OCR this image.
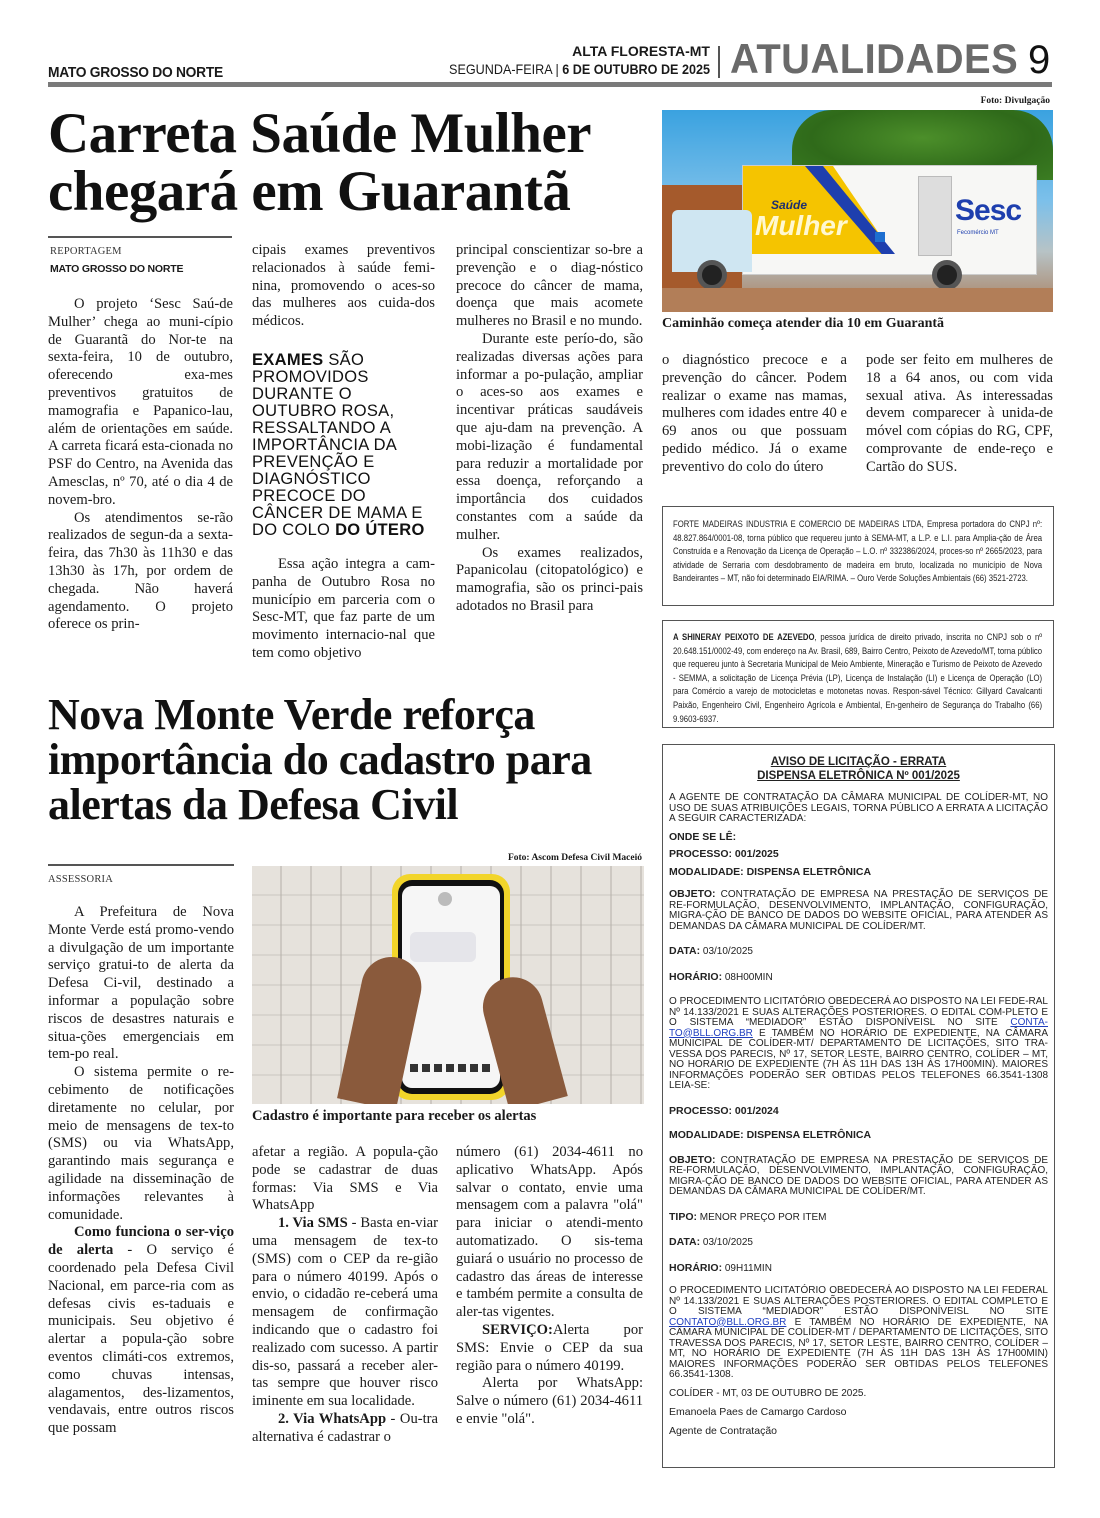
MATO GROSSO DO NORTE
ALTA FLORESTA-MT
SEGUNDA-FEIRA | 6 DE OUTUBRO DE 2025 ATUALIDADES 9
Carreta Saúde Mulher chegará em Guarantã
REPORTAGEM
MATO GROSSO DO NORTE

O projeto ‘Sesc Saú-de Mulher’ chega ao muni-cípio de Guarantã do Nor-te na sexta-feira, 10 de outubro, oferecendo exa-mes preventivos gratuitos de mamografia e Papanico-lau, além de orientações em saúde. A carreta ficará esta-cionada no PSF do Centro, na Avenida das Amesclas, nº 70, até o dia 4 de novem-bro.

Os atendimentos se-rão realizados de segun-da a sexta-feira, das 7h30 às 11h30 e das 13h30 às 17h, por ordem de chegada. Não haverá agendamento. O projeto oferece os prin-

cipais exames preventivos relacionados à saúde femi-nina, promovendo o aces-so das mulheres aos cuida-dos médicos.

EXAMES SÃO PROMOVIDOS DURANTE O OUTUBRO ROSA, RESSALTANDO A IMPORTÂNCIA DA PREVENÇÃO E DIAGNÓSTICO PRECOCE DO CÂNCER DE MAMA E DO COLO DO ÚTERO

Essa ação integra a cam-panha de Outubro Rosa no município em parceria com o Sesc-MT, que faz parte de um movimento internacio-nal que tem como objetivo

principal conscientizar so-bre a prevenção e o diag-nóstico precoce do câncer de mama, doença que mais acomete mulheres no Brasil e no mundo.

Durante este perío-do, são realizadas diversas ações para informar a po-pulação, ampliar o aces-so aos exames e incentivar práticas saudáveis que aju-dam na prevenção. A mobi-lização é fundamental para reduzir a mortalidade por essa doença, reforçando a importância dos cuidados constantes com a saúde da mulher.

Os exames realizados, Papanicolau (citopatológico) e mamografia, são os princi-pais adotados no Brasil para

Foto: Divulgação
Saúde
Mulher	Sesc
Fecomércio MT
Caminhão começa atender dia 10 em Guarantã

o diagnóstico precoce e a prevenção do câncer. Podem realizar o exame nas mamas, mulheres com idades entre 40 e 69 anos ou que possuam pedido médico. Já o exame preventivo do colo do útero

pode ser feito em mulheres de 18 a 64 anos, ou com vida sexual ativa. As interessadas devem comparecer à unida-de móvel com cópias do RG, CPF, comprovante de ende-reço e Cartão do SUS.

FORTE MADEIRAS INDUSTRIA E COMERCIO DE MADEIRAS LTDA, Empresa portadora do CNPJ nº: 48.827.864/0001-08, torna público que requereu junto à SEMA-MT, a L.P. e L.I. para Amplia-ção de Área Construída e a Renovação da Licença de Operação – L.O. nº 332386/2024, proces-so nº 2665/2023, para atividade de Serraria com desdobramento de madeira em bruto, localizada no município de Nova Bandeirantes – MT, não foi determinado EIA/RIMA. – Ouro Verde Soluções Ambientais (66) 3521-2723.
A SHINERAY PEIXOTO DE AZEVEDO, pessoa jurídica de direito privado, inscrita no CNPJ sob o nº 20.648.151/0002-49, com endereço na Av. Brasil, 689, Bairro Centro, Peixoto de Azevedo/MT, torna público que requereu junto à Secretaria Municipal de Meio Ambiente, Mineração e Turismo de Peixoto de Azevedo - SEMMA, a solicitação de Licença Prévia (LP), Licença de Instalação (LI) e Licença de Operação (LO) para Comércio a varejo de motocicletas e motonetas novas. Respon-sável Técnico: Gillyard Cavalcanti Paixão, Engenheiro Civil, Engenheiro Agrícola e Ambiental, En-genheiro de Segurança do Trabalho (66) 9.9603-6937.
AVISO DE LICITAÇÃO - ERRATA
DISPENSA ELETRÔNICA Nº 001/2025
A AGENTE DE CONTRATAÇÃO DA CÂMARA MUNICIPAL DE COLÍDER-MT, NO USO DE SUAS ATRIBUIÇÕES LEGAIS, TORNA PÚBLICO A ERRATA A LICITAÇÃO A SEGUIR CARACTERIZADA:
ONDE SE LÊ:
PROCESSO: 001/2025
MODALIDADE: DISPENSA ELETRÔNICA
OBJETO: CONTRATAÇÃO DE EMPRESA NA PRESTAÇÃO DE SERVIÇOS DE RE-FORMULAÇÃO, DESENVOLVIMENTO, IMPLANTAÇÃO, CONFIGURAÇÃO, MIGRA-ÇÃO DE BANCO DE DADOS DO WEBSITE OFICIAL, PARA ATENDER AS DEMANDAS DA CÂMARA MUNICIPAL DE COLÍDER/MT.
DATA: 03/10/2025
HORÁRIO: 08H00MIN
O PROCEDIMENTO LICITATÓRIO OBEDECERÁ AO DISPOSTO NA LEI FEDE-RAL Nº 14.133/2021 E SUAS ALTERAÇÕES POSTERIORES. O EDITAL COM-PLETO E O SISTEMA “MEDIADOR” ESTÃO DISPONÍVEISL NO SITE CONTA-TO@BLL.ORG.BR E TAMBÉM NO HORÁRIO DE EXPEDIENTE, NA CÂMARA MUNICIPAL DE COLÍDER-MT/ DEPARTAMENTO DE LICITAÇÕES, SITO TRA-VESSA DOS PARECIS, Nº 17, SETOR LESTE, BAIRRO CENTRO, COLÍDER – MT, NO HORÁRIO DE EXPEDIENTE (7H ÀS 11H DAS 13H ÀS 17H00MIN). MAIORES INFORMAÇÕES PODERÃO SER OBTIDAS PELOS TELEFONES 66.3541-1308 LEIA-SE:
PROCESSO: 001/2024
MODALIDADE: DISPENSA ELETRÔNICA
OBJETO: CONTRATAÇÃO DE EMPRESA NA PRESTAÇÃO DE SERVIÇOS DE RE-FORMULAÇÃO, DESENVOLVIMENTO, IMPLANTAÇÃO, CONFIGURAÇÃO, MIGRA-ÇÃO DE BANCO DE DADOS DO WEBSITE OFICIAL, PARA ATENDER AS DEMANDAS DA CÂMARA MUNICIPAL DE COLÍDER/MT.
TIPO: MENOR PREÇO POR ITEM
DATA: 03/10/2025
HORÁRIO: 09H11MIN
O PROCEDIMENTO LICITATÓRIO OBEDECERÁ AO DISPOSTO NA LEI FEDERAL Nº 14.133/2021 E SUAS ALTERAÇÕES POSTERIORES. O EDITAL COMPLETO E O SISTEMA “MEDIADOR” ESTÃO DISPONÍVEISL NO SITE CONTATO@BLL.ORG.BR E TAMBÉM NO HORÁRIO DE EXPEDIENTE, NA CÂMARA MUNICIPAL DE COLÍDER-MT / DEPARTAMENTO DE LICITAÇÕES, SITO TRAVESSA DOS PARECIS, Nº 17, SETOR LESTE, BAIRRO CENTRO, COLÍDER – MT, NO HORÁRIO DE EXPEDIENTE (7H ÀS 11H DAS 13H ÀS 17H00MIN) MAIORES INFORMAÇÕES PODERÃO SER OBTIDAS PELOS TELEFONES 66.3541-1308.
COLÍDER - MT, 03 DE OUTUBRO DE 2025.
Emanoela Paes de Camargo Cardoso
Agente de Contratação
Nova Monte Verde reforça importância do cadastro para alertas da Defesa Civil
ASSESSORIA

A Prefeitura de Nova Monte Verde está promo-vendo a divulgação de um importante serviço gratui-to de alerta da Defesa Ci-vil, destinado a informar a população sobre riscos de desastres naturais e situa-ções emergenciais em tem-po real.

O sistema permite o re-cebimento de notificações diretamente no celular, por meio de mensagens de tex-to (SMS) ou via WhatsApp, garantindo mais segurança e agilidade na disseminação de informações relevantes à comunidade.

Como funciona o ser-viço de alerta - O serviço é coordenado pela Defesa Civil Nacional, em parce-ria com as defesas civis es-taduais e municipais. Seu objetivo é alertar a popula-ção sobre eventos climáti-cos extremos, como chuvas intensas, alagamentos, des-lizamentos, vendavais, entre outros riscos que possam

Foto: Ascom Defesa Civil Maceió
Cadastro é importante para receber os alertas

afetar a região. A popula-ção pode se cadastrar de duas formas: Via SMS e Via WhatsApp

1. Via SMS - Basta en-viar uma mensagem de tex-to (SMS) com o CEP da re-gião para o número 40199. Após o envio, o cidadão re-ceberá uma mensagem de confirmação indicando que o cadastro foi realizado com sucesso. A partir dis-so, passará a receber aler-tas sempre que houver risco iminente em sua localidade.

2. Via WhatsApp - Ou-tra alternativa é cadastrar o

número (61) 2034-4611 no aplicativo WhatsApp. Após salvar o contato, envie uma mensagem com a palavra "olá" para iniciar o atendi-mento automatizado. O sis-tema guiará o usuário no processo de cadastro das áreas de interesse e também permite a consulta de aler-tas vigentes.

SERVIÇO:Alerta por SMS: Envie o CEP da sua região para o número 40199.

Alerta por WhatsApp: Salve o número (61) 2034-4611 e envie "olá".
